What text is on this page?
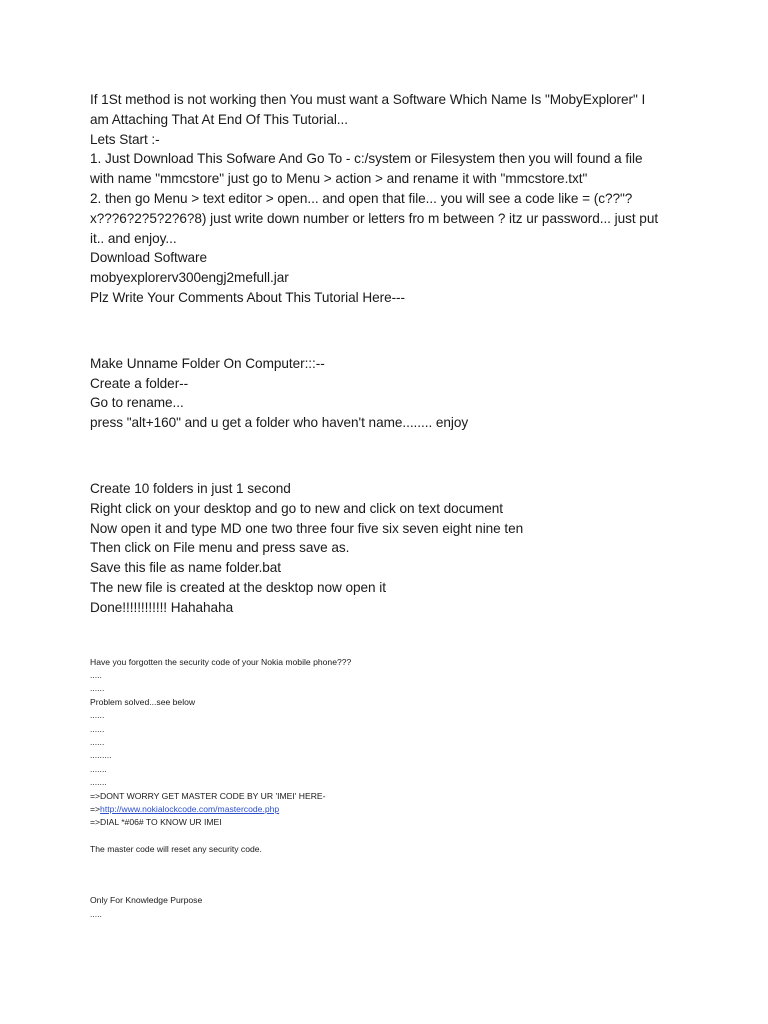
If 1St method is not working then You must want a Software Which Name Is "MobyExplorer" I

am Attaching That At End Of This Tutorial...

Lets Start :-

1. Just Download This Sofware And Go To - c:/system or Filesystem then you will found a file

with name "mmcstore" just go to Menu > action > and rename it with "mmcstore.txt"

2. then go Menu > text editor > open... and open that file... you will see a code like = (c??"?

x???6?2?5?2?6?8) just write down number or letters fro m between ? itz ur password... just put

it.. and enjoy...

Download Software

mobyexplorerv300engj2mefull.jar

Plz Write Your Comments About This Tutorial Here---

Make Unname Folder On Computer:::--

Create a folder--

Go to rename...

press "alt+160" and u get a folder who haven't name........ enjoy

Create 10 folders in just 1 second

Right click on your desktop and go to new and click on text document

Now open it and type MD one two three four five six seven eight nine ten

Then click on File menu and press save as.

Save this file as name folder.bat

The new file is created at the desktop now open it

Done!!!!!!!!!!!! Hahahaha

Have you forgotten the security code of your Nokia mobile phone???

.....

......

Problem solved...see below

......

......

......

.........

.......

.......

=>DONT WORRY GET MASTER CODE BY UR 'IMEI' HERE-

=>http://www.nokialockcode.com/mastercode.php

=>DIAL *#06# TO KNOW UR IMEI

The master code will reset any security code.

Only For Knowledge Purpose

.....
